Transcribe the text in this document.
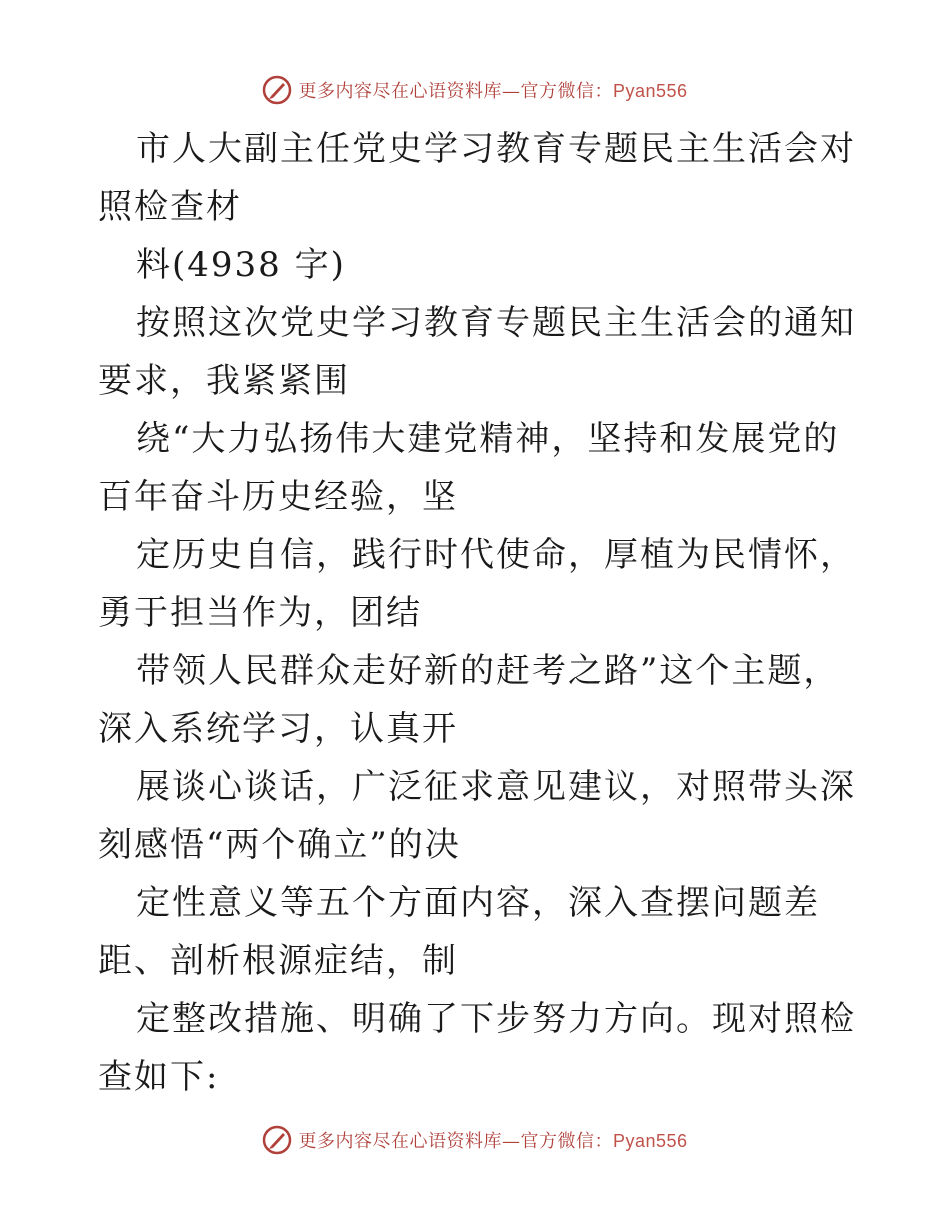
更多内容尽在心语资料库—官方微信：Pyan556

市人大副主任党史学习教育专题民主生活会对照检查材

料(4938 字)

按照这次党史学习教育专题民主生活会的通知要求，我紧紧围

绕“大力弘扬伟大建党精神，坚持和发展党的百年奋斗历史经验，坚

定历史自信，践行时代使命，厚植为民情怀，勇于担当作为，团结

带领人民群众走好新的赶考之路”这个主题，深入系统学习，认真开

展谈心谈话，广泛征求意见建议，对照带头深刻感悟“两个确立”的决

定性意义等五个方面内容，深入查摆问题差距、剖析根源症结，制

定整改措施、明确了下步努力方向。现对照检查如下:

更多内容尽在心语资料库—官方微信：Pyan556
